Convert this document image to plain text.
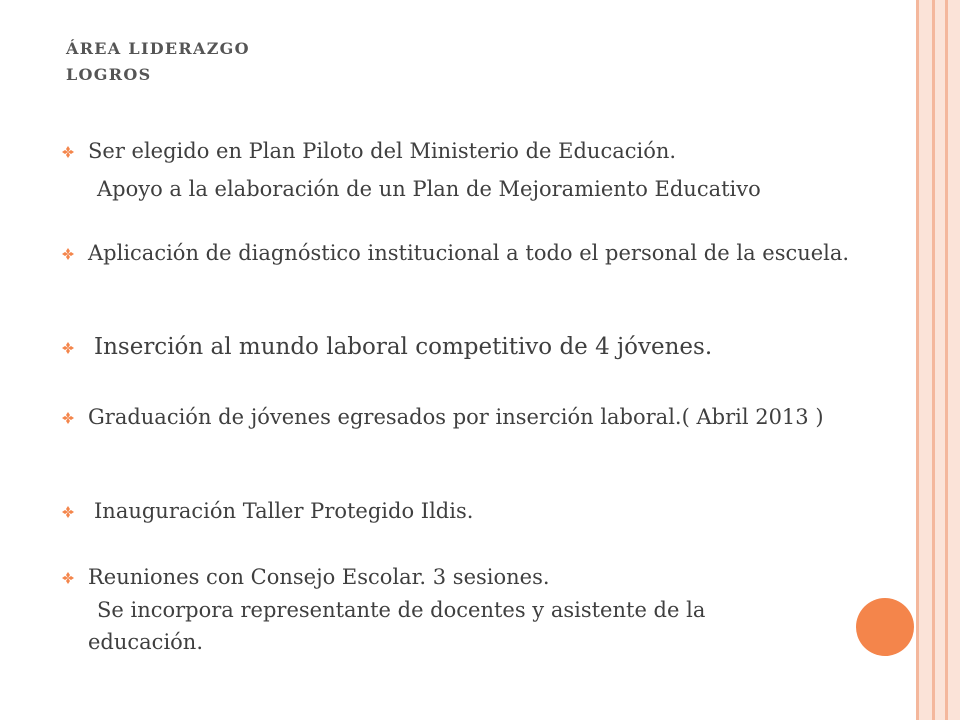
ÁREA LIDERAZGO
LOGROS
Ser elegido en Plan Piloto del Ministerio de Educación.
Apoyo a la elaboración de un Plan de Mejoramiento Educativo
Aplicación de diagnóstico institucional a todo el personal de la escuela.
Inserción al mundo laboral competitivo de 4 jóvenes.
Graduación de jóvenes egresados por inserción laboral.( Abril 2013 )
Inauguración Taller Protegido Ildis.
Reuniones con Consejo Escolar. 3 sesiones.
Se incorpora representante de docentes y asistente de la
educación.
